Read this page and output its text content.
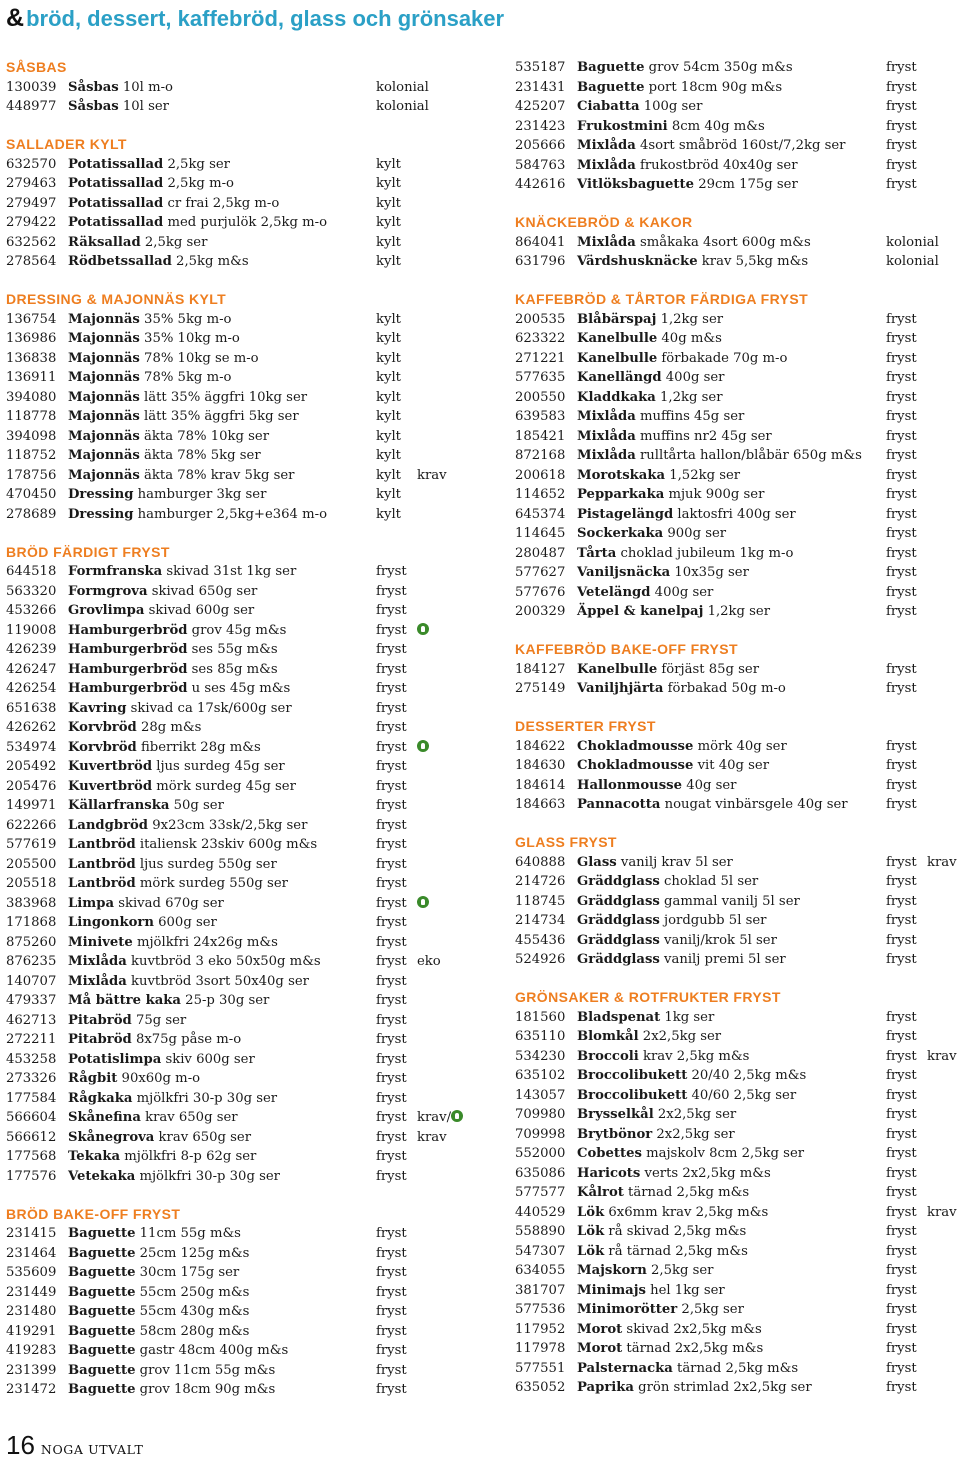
&bröd, dessert, kaffebröd, glass och grönsaker
SÅSBAS
130039 Såsbas 10l m-o	kolonial
448977 Såsbas 10l ser	kolonial
SALLADER KYLT
632570 Potatissallad 2,5kg ser	kylt
279463 Potatissallad 2,5kg m-o	kylt
279497 Potatissallad cr frai 2,5kg m-o	kylt
279422 Potatissallad med purjulök 2,5kg m-o	kylt
632562 Räksallad 2,5kg ser	kylt
278564 Rödbetssallad 2,5kg m&s	kylt
DRESSING & MAJONNÄS KYLT
136754 Majonnäs 35% 5kg m-o	kylt
136986 Majonnäs 35% 10kg m-o	kylt
136838 Majonnäs 78% 10kg se m-o	kylt
136911 Majonnäs 78% 5kg m-o	kylt
394080 Majonnäs lätt 35% äggfri 10kg ser	kylt
118778 Majonnäs lätt 35% äggfri 5kg ser	kylt
394098 Majonnäs äkta 78% 10kg ser	kylt
118752 Majonnäs äkta 78% 5kg ser	kylt
178756 Majonnäs äkta 78% krav 5kg ser	kylt krav
470450 Dressing hamburger 3kg ser	kylt
278689 Dressing hamburger 2,5kg+e364 m-o	kylt
BRÖD FÄRDIGT FRYST
644518 Formfranska skivad 31st 1kg ser	fryst
563320 Formgrova skivad 650g ser	fryst
453266 Grovlimpa skivad 600g ser	fryst
119008 Hamburgerbröd grov 45g m&s	fryst
426239 Hamburgerbröd ses 55g m&s	fryst
426247 Hamburgerbröd ses 85g m&s	fryst
426254 Hamburgerbröd u ses 45g m&s	fryst
651638 Kavring skivad ca 17sk/600g ser	fryst
426262 Korvbröd 28g m&s	fryst
534974 Korvbröd fiberrikt 28g m&s	fryst
205492 Kuvertbröd ljus surdeg 45g ser	fryst
205476 Kuvertbröd mörk surdeg 45g ser	fryst
149971 Källarfranska 50g ser	fryst
622266 Landgbröd 9x23cm 33sk/2,5kg ser	fryst
577619 Lantbröd italiensk 23skiv 600g m&s	fryst
205500 Lantbröd ljus surdeg 550g ser	fryst
205518 Lantbröd mörk surdeg 550g ser	fryst
383968 Limpa skivad 670g ser	fryst
171868 Lingonkorn 600g ser	fryst
875260 Minivete mjölkfri 24x26g m&s	fryst
876235 Mixlåda kuvtbröd 3 eko 50x50g m&s	fryst eko
140707 Mixlåda kuvtbröd 3sort 50x40g ser	fryst
479337 Må bättre kaka 25-p 30g ser	fryst
462713 Pitabröd 75g ser	fryst
272211 Pitabröd 8x75g påse m-o	fryst
453258 Potatislimpa skiv 600g ser	fryst
273326 Rågbit 90x60g m-o	fryst
177584 Rågkaka mjölkfri 30-p 30g ser	fryst
566604 Skånefina krav 650g ser	fryst krav/
566612 Skånegrova krav 650g ser	fryst krav
177568 Tekaka mjölkfri 8-p 62g ser	fryst
177576 Vetekaka mjölkfri 30-p 30g ser	fryst
BRÖD BAKE-OFF FRYST
231415 Baguette 11cm 55g m&s	fryst
231464 Baguette 25cm 125g m&s	fryst
535609 Baguette 30cm 175g ser	fryst
231449 Baguette 55cm 250g m&s	fryst
231480 Baguette 55cm 430g m&s	fryst
419291 Baguette 58cm 280g m&s	fryst
419283 Baguette gastr 48cm 400g m&s	fryst
231399 Baguette grov 11cm 55g m&s	fryst
231472 Baguette grov 18cm 90g m&s	fryst
535187 Baguette grov 54cm 350g m&s	fryst
231431 Baguette port 18cm 90g m&s	fryst
425207 Ciabatta 100g ser	fryst
231423 Frukostmini 8cm 40g m&s	fryst
205666 Mixlåda 4sort småbröd 160st/7,2kg ser	fryst
584763 Mixlåda frukostbröd 40x40g ser	fryst
442616 Vitlöksbaguette 29cm 175g ser	fryst
KNÄCKEBRÖD & KAKOR
864041 Mixlåda småkaka 4sort 600g m&s	kolonial
631796 Värdshusknäcke krav 5,5kg m&s	kolonial
KAFFEBRÖD & TÅRTOR FÄRDIGA FRYST
200535 Blåbärspaj 1,2kg ser	fryst
623322 Kanelbulle 40g m&s	fryst
271221 Kanelbulle förbakade 70g m-o	fryst
577635 Kanellängd 400g ser	fryst
200550 Kladdkaka 1,2kg ser	fryst
639583 Mixlåda muffins 45g ser	fryst
185421 Mixlåda muffins nr2 45g ser	fryst
872168 Mixlåda rulltårta hallon/blåbär 650g m&s fryst
200618 Morotskaka 1,52kg ser	fryst
114652 Pepparkaka mjuk 900g ser	fryst
645374 Pistagelängd laktosfri 400g ser	fryst
114645 Sockerkaka 900g ser	fryst
280487 Tårta choklad jubileum 1kg m-o	fryst
577627 Vaniljsnäcka 10x35g ser	fryst
577676 Vetelängd 400g ser	fryst
200329 Äppel & kanelpaj 1,2kg ser	fryst
KAFFEBRÖD BAKE-OFF FRYST
184127 Kanelbulle förjäst 85g ser	fryst
275149 Vaniljhjärta förbakad 50g m-o	fryst
DESSERTER FRYST
184622 Chokladmousse mörk 40g ser	fryst
184630 Chokladmousse vit 40g ser	fryst
184614 Hallonmousse 40g ser	fryst
184663 Pannacotta nougat vinbärsgele 40g ser	fryst
GLASS FRYST
640888 Glass vanilj krav 5l ser	fryst krav
214726 Gräddglass choklad 5l ser	fryst
118745 Gräddglass gammal vanilj 5l ser	fryst
214734 Gräddglass jordgubb 5l ser	fryst
455436 Gräddglass vanilj/krok 5l ser	fryst
524926 Gräddglass vanilj premi 5l ser	fryst
GRÖNSAKER & ROTFRUKTER FRYST
181560 Bladspenat 1kg ser	fryst
635110 Blomkål 2x2,5kg ser	fryst
534230 Broccoli krav 2,5kg m&s	fryst krav
635102 Broccolibukett 20/40 2,5kg m&s	fryst
143057 Broccolibukett 40/60 2,5kg ser	fryst
709980 Brysselkål 2x2,5kg ser	fryst
709998 Brytbönor 2x2,5kg ser	fryst
552000 Cobettes majskolv 8cm 2,5kg ser	fryst
635086 Haricots verts 2x2,5kg m&s	fryst
577577 Kålrot tärnad 2,5kg m&s	fryst
440529 Lök 6x6mm krav 2,5kg m&s	fryst krav
558890 Lök rå skivad 2,5kg m&s	fryst
547307 Lök rå tärnad 2,5kg m&s	fryst
634055 Majskorn 2,5kg ser	fryst
381707 Minimajs hel 1kg ser	fryst
577536 Minimorötter 2,5kg ser	fryst
117952 Morot skivad 2x2,5kg m&s	fryst
117978 Morot tärnad 2x2,5kg m&s	fryst
577551 Palsternacka tärnad 2,5kg m&s	fryst
635052 Paprika grön strimlad 2x2,5kg ser	fryst
16 NOGA UTVALT
